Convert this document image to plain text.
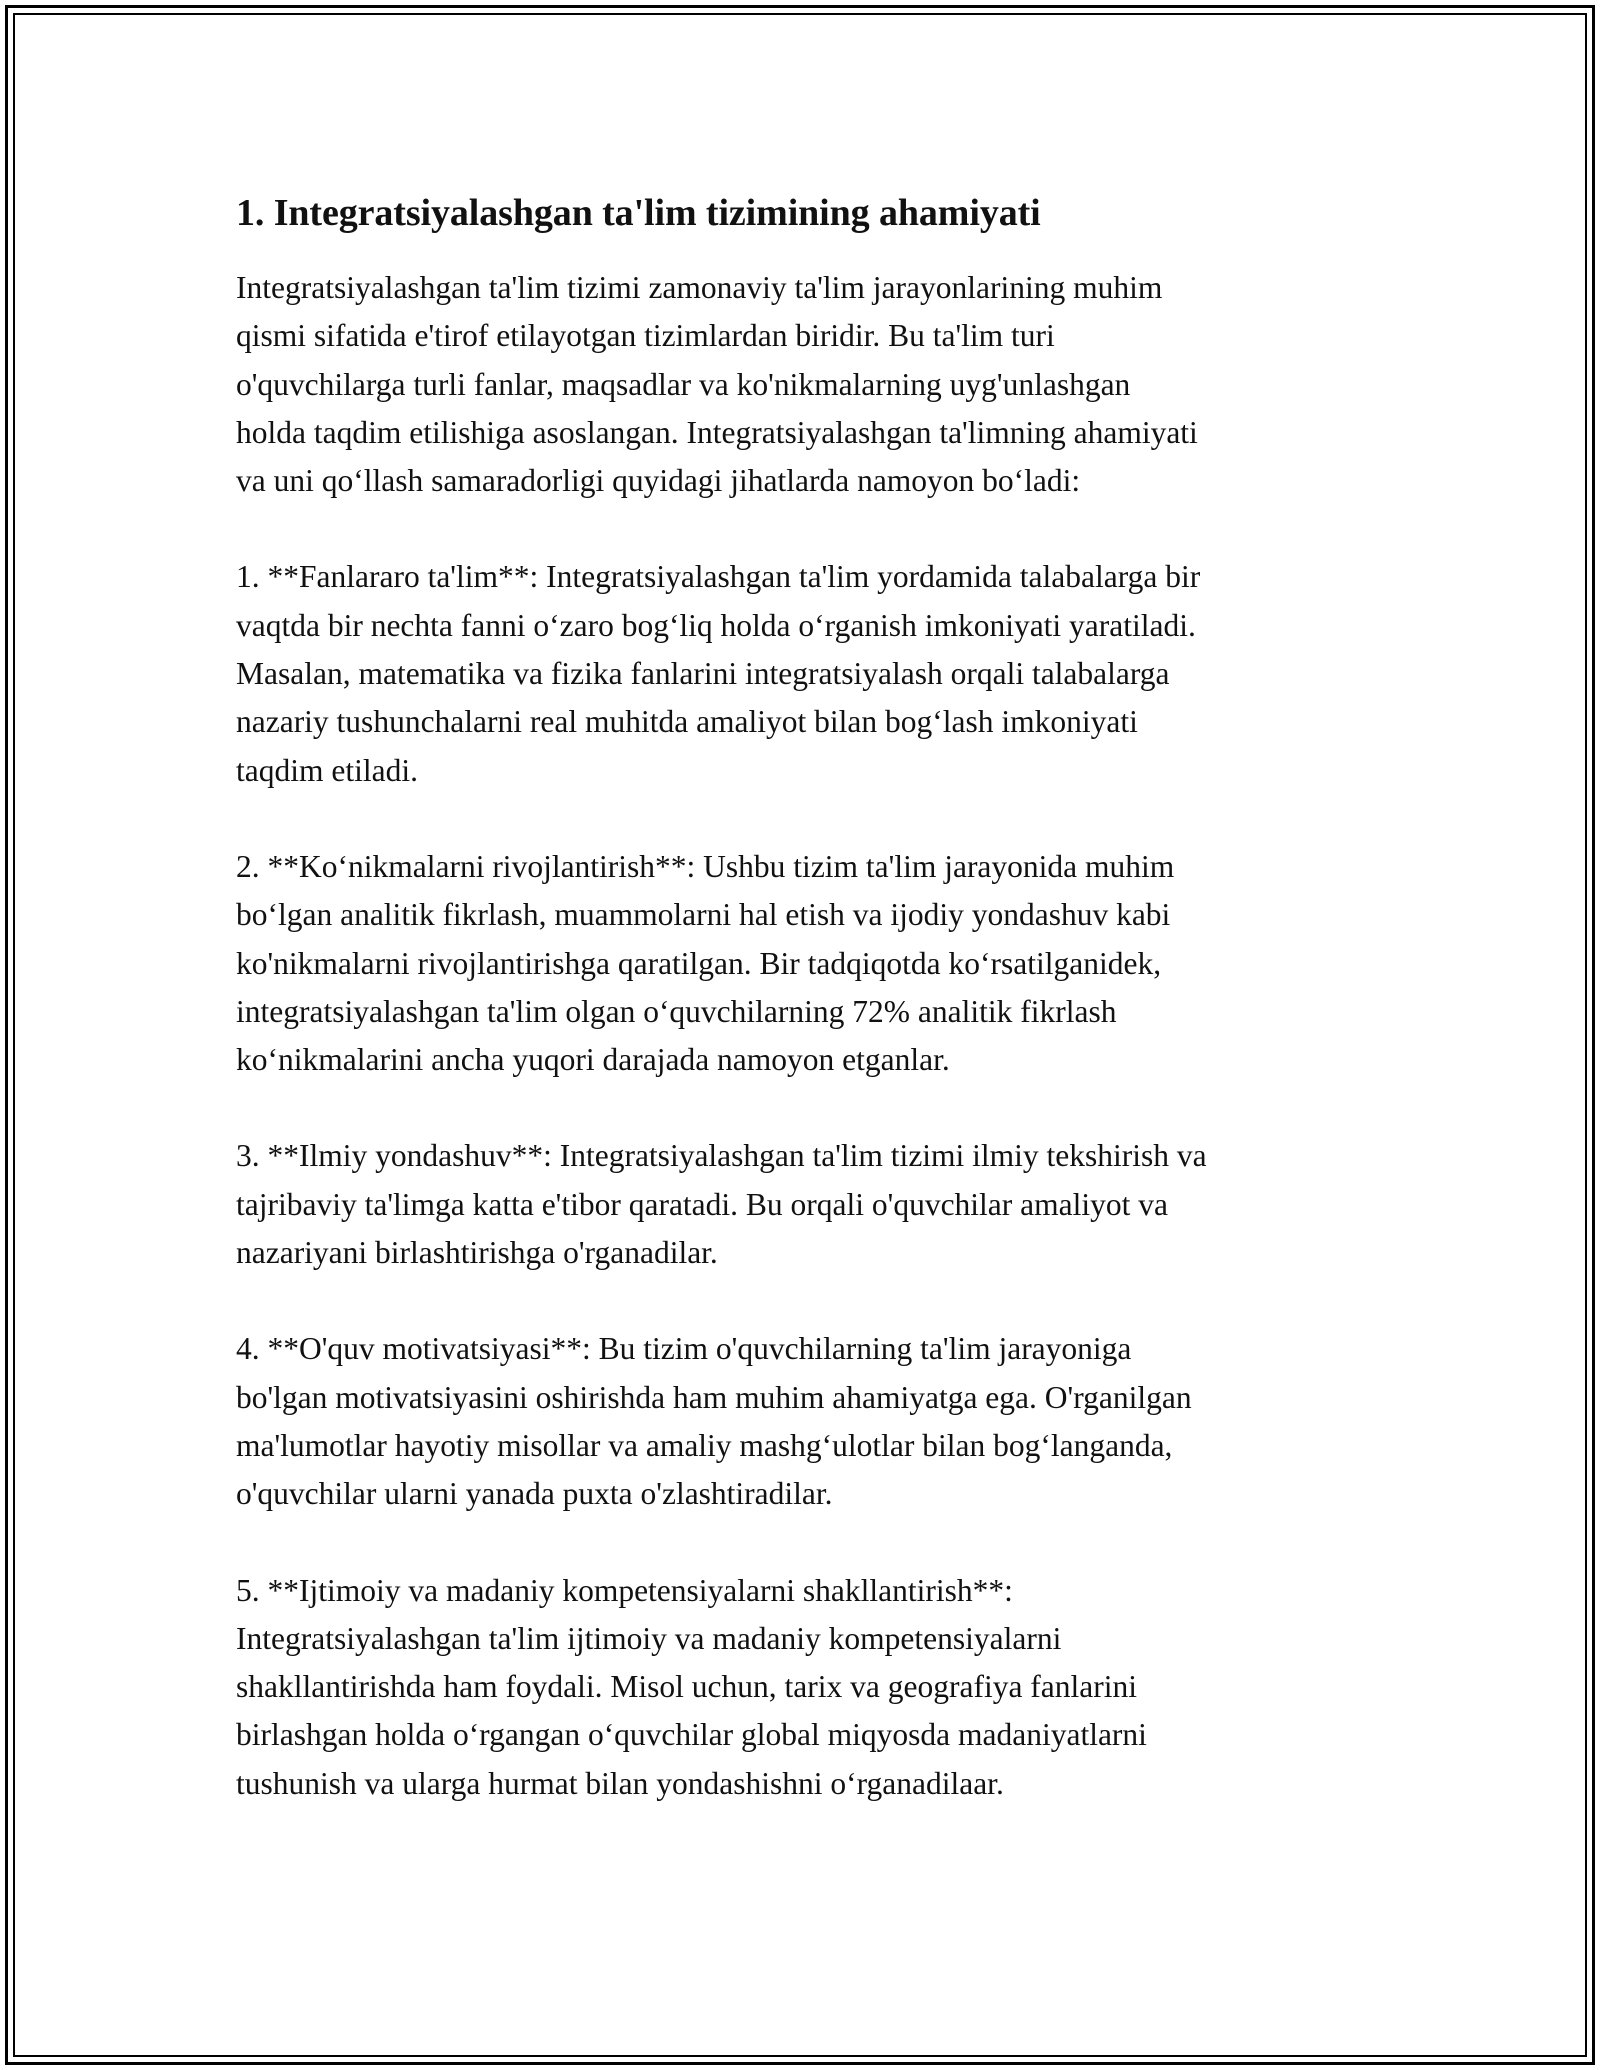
1. Integratsiyalashgan ta'lim tizimining ahamiyati

Integratsiyalashgan ta'lim tizimi zamonaviy ta'lim jarayonlarining muhim
qismi sifatida e'tirof etilayotgan tizimlardan biridir. Bu ta'lim turi
o'quvchilarga turli fanlar, maqsadlar va ko'nikmalarning uyg'unlashgan
holda taqdim etilishiga asoslangan. Integratsiyalashgan ta'limning ahamiyati
va uni qo‘llash samaradorligi quyidagi jihatlarda namoyon bo‘ladi:

1. **Fanlararo ta'lim**: Integratsiyalashgan ta'lim yordamida talabalarga bir
vaqtda bir nechta fanni o‘zaro bog‘liq holda o‘rganish imkoniyati yaratiladi.
Masalan, matematika va fizika fanlarini integratsiyalash orqali talabalarga
nazariy tushunchalarni real muhitda amaliyot bilan bog‘lash imkoniyati
taqdim etiladi.

2. **Ko‘nikmalarni rivojlantirish**: Ushbu tizim ta'lim jarayonida muhim
bo‘lgan analitik fikrlash, muammolarni hal etish va ijodiy yondashuv kabi
ko'nikmalarni rivojlantirishga qaratilgan. Bir tadqiqotda ko‘rsatilganidek,
integratsiyalashgan ta'lim olgan o‘quvchilarning 72% analitik fikrlash
ko‘nikmalarini ancha yuqori darajada namoyon etganlar.

3. **Ilmiy yondashuv**: Integratsiyalashgan ta'lim tizimi ilmiy tekshirish va
tajribaviy ta'limga katta e'tibor qaratadi. Bu orqali o'quvchilar amaliyot va
nazariyani birlashtirishga o'rganadilar.

4. **O'quv motivatsiyasi**: Bu tizim o'quvchilarning ta'lim jarayoniga
bo'lgan motivatsiyasini oshirishda ham muhim ahamiyatga ega. O'rganilgan
ma'lumotlar hayotiy misollar va amaliy mashg‘ulotlar bilan bog‘langanda,
o'quvchilar ularni yanada puxta o'zlashtiradilar.

5. **Ijtimoiy va madaniy kompetensiyalarni shakllantirish**:
Integratsiyalashgan ta'lim ijtimoiy va madaniy kompetensiyalarni
shakllantirishda ham foydali. Misol uchun, tarix va geografiya fanlarini
birlashgan holda o‘rgangan o‘quvchilar global miqyosda madaniyatlarni
tushunish va ularga hurmat bilan yondashishni o‘rganadilaar.
